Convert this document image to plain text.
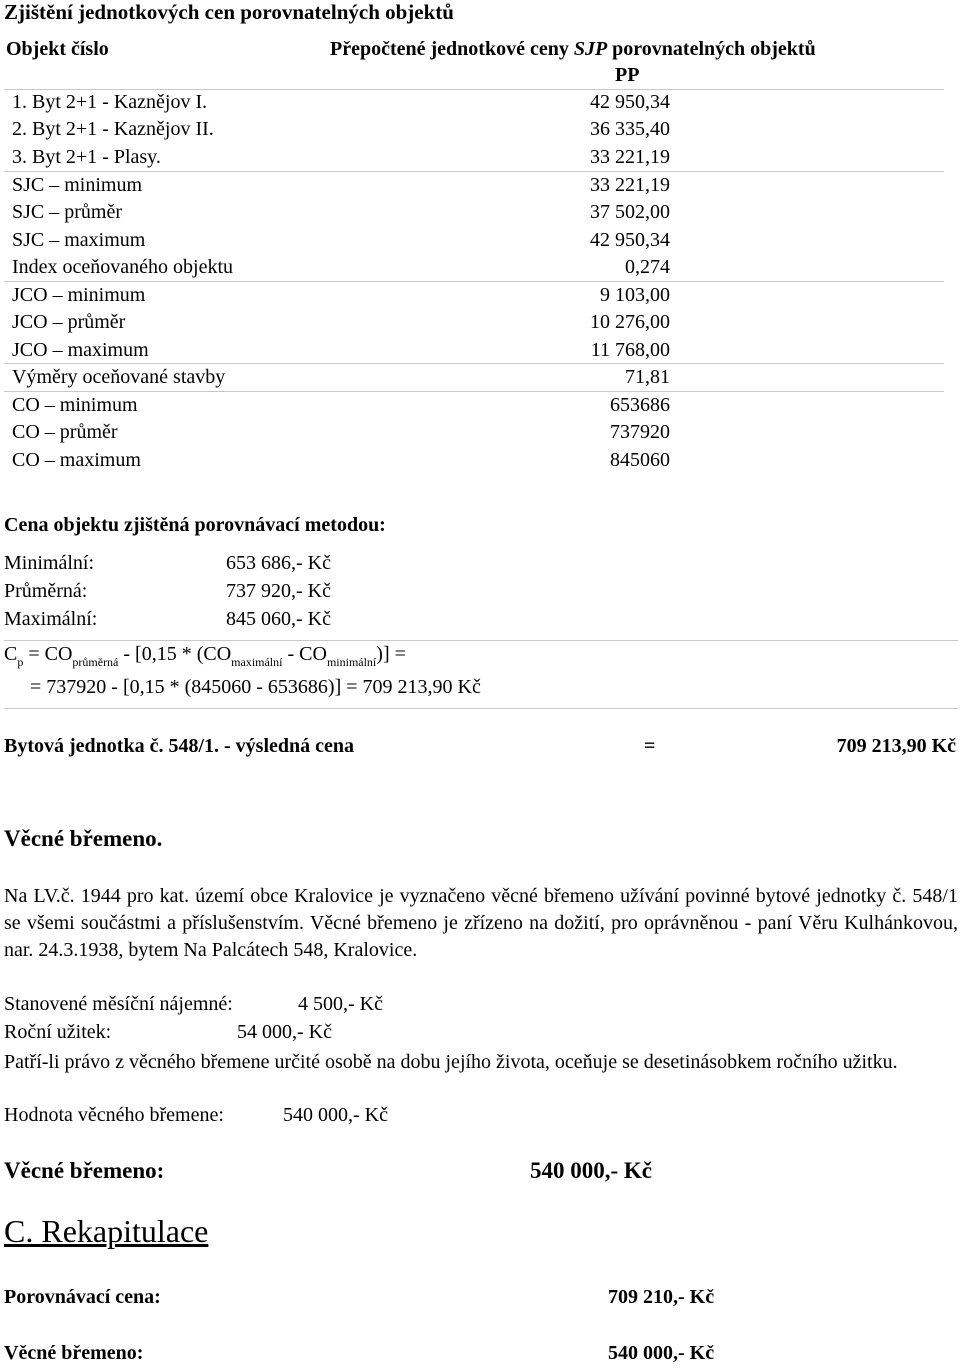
Zjištění jednotkových cen porovnatelných objektů
Objekt číslo	Přepočtené jednotkové ceny SJP porovnatelných objektů
PP
1. Byt 2+1 - Kaznějov I.	42 950,34
2. Byt 2+1 - Kaznějov II.	36 335,40
3. Byt 2+1 - Plasy.	33 221,19
SJC – minimum	33 221,19
SJC – průměr	37 502,00
SJC – maximum	42 950,34
Index oceňovaného objektu	0,274
JCO – minimum	9 103,00
JCO – průměr	10 276,00
JCO – maximum	11 768,00
Výměry oceňované stavby	71,81
CO – minimum	653686
CO – průměr	737920
CO – maximum	845060
Cena objektu zjištěná porovnávací metodou:
Minimální:	653 686,- Kč
Průměrná:	737 920,- Kč
Maximální:	845 060,- Kč
$C_p = CO_{průměrná} - [0,15 * (CO_{maximální} - CO_{minimální})]$ =
= 737920 - [0,15 * (845060 - 653686)] = 709 213,90 Kč
Bytová jednotka č. 548/1. - výsledná cena	=	709 213,90 Kč
Věcné břemeno.
Na LV.č. 1944 pro kat. území obce Kralovice je vyznačeno věcné břemeno užívání povinné bytové jednotky č. 548/1 se všemi součástmi a příslušenstvím. Věcné břemeno je zřízeno na dožití, pro oprávněnou - paní Věru Kulhánkovou, nar. 24.3.1938, bytem Na Palcátech 548, Kralovice.
Stanovené měsíční nájemné:	4 500,- Kč
Roční užitek:	54 000,- Kč
Patří-li právo z věcného břemene určité osobě na dobu jejího života, oceňuje se desetinásobkem ročního užitku.
Hodnota věcného břemene:	540 000,- Kč
Věcné břemeno:	540 000,- Kč
C. Rekapitulace
Porovnávací cena:	709 210,- Kč
Věcné břemeno:	540 000,- Kč
